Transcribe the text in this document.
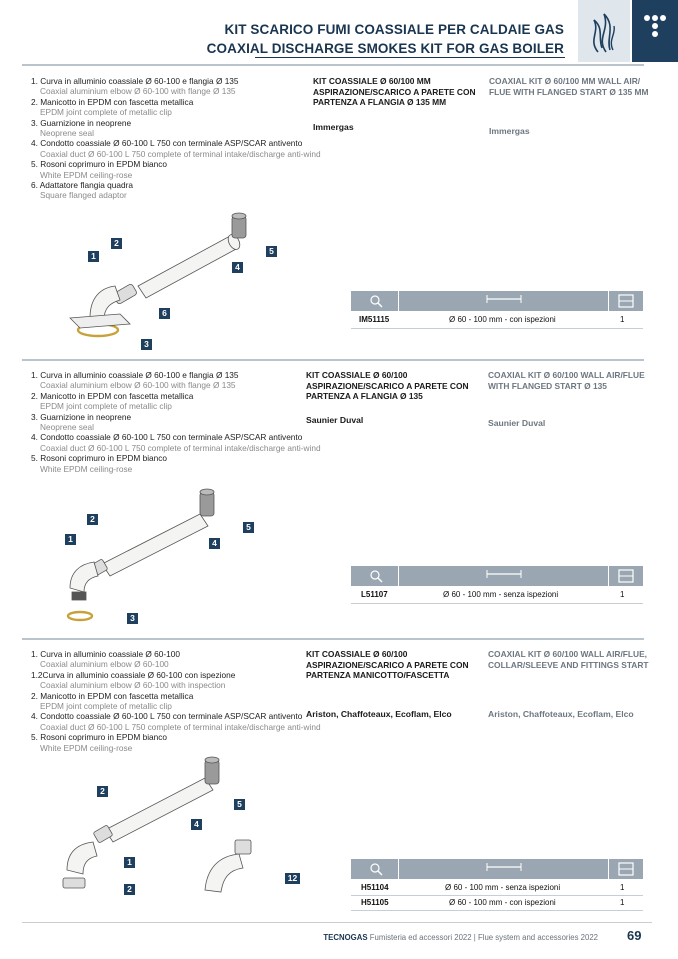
KIT SCARICO FUMI COASSIALE PER CALDAIE GAS
COAXIAL DISCHARGE SMOKES KIT FOR GAS BOILER
1. Curva in alluminio coassiale Ø 60-100 e flangia Ø 135
Coaxial aluminium elbow Ø 60-100 with flange Ø 135
2. Manicotto in EPDM con fascetta metallica
EPDM joint complete of metallic clip
3. Guarnizione in neoprene
Neoprene seal
4. Condotto coassiale Ø 60-100 L 750 con terminale ASP/SCAR antivento
Coaxial duct Ø 60-100 L 750 complete of terminal intake/discharge anti-wind
5. Rosoni coprimuro in EPDM bianco
White EPDM ceiling-rose
6. Adattatore flangia quadra
Square flanged adaptor
KIT COASSIALE Ø 60/100 MM
ASPIRAZIONE/SCARICO A PARETE CON
PARTENZA A FLANGIA Ø 135 MM
COAXIAL KIT Ø 60/100 MM WALL AIR/
FLUE WITH FLANGED START Ø 135 MM
Immergas	Immergas
1
2
3
4
5
6
IM51115	Ø 60 - 100 mm - con ispezioni	1
1. Curva in alluminio coassiale Ø 60-100 e flangia Ø 135
Coaxial aluminium elbow Ø 60-100 with flange Ø 135
2. Manicotto in EPDM con fascetta metallica
EPDM joint complete of metallic clip
3. Guarnizione in neoprene
Neoprene seal
4. Condotto coassiale Ø 60-100 L 750 con terminale ASP/SCAR antivento
Coaxial duct Ø 60-100 L 750 complete of terminal intake/discharge anti-wind
5. Rosoni coprimuro in EPDM bianco
White EPDM ceiling-rose
KIT COASSIALE Ø 60/100
ASPIRAZIONE/SCARICO A PARETE CON
PARTENZA A FLANGIA Ø 135
COAXIAL KIT Ø 60/100 WALL AIR/FLUE
WITH FLANGED START Ø 135
Saunier Duval	Saunier Duval
1
2
3
4
5
L51107	Ø 60 - 100 mm - senza ispezioni	1
1. Curva in alluminio coassiale Ø 60-100
Coaxial aluminium elbow Ø 60-100
1.2Curva in alluminio coassiale Ø 60-100 con ispezione
Coaxial aluminium elbow Ø 60-100 with inspection
2. Manicotto in EPDM con fascetta metallica
EPDM joint complete of metallic clip
4. Condotto coassiale Ø 60-100 L 750 con terminale ASP/SCAR antivento
Coaxial duct Ø 60-100 L 750 complete of terminal intake/discharge anti-wind
5. Rosoni coprimuro in EPDM bianco
White EPDM ceiling-rose
KIT COASSIALE Ø 60/100
ASPIRAZIONE/SCARICO A PARETE CON
PARTENZA MANICOTTO/FASCETTA
COAXIAL KIT Ø 60/100 WALL AIR/FLUE,
COLLAR/SLEEVE AND FITTINGS START
Ariston, Chaffoteaux, Ecoflam, Elco	Ariston, Chaffoteaux, Ecoflam, Elco
2
5
4
1
2
12
H51104	Ø 60 - 100 mm - senza ispezioni	1
H51105	Ø 60 - 100 mm - con ispezioni	1
TECNOGAS Fumisteria ed accessori 2022 | Flue system and accessories 2022 69
